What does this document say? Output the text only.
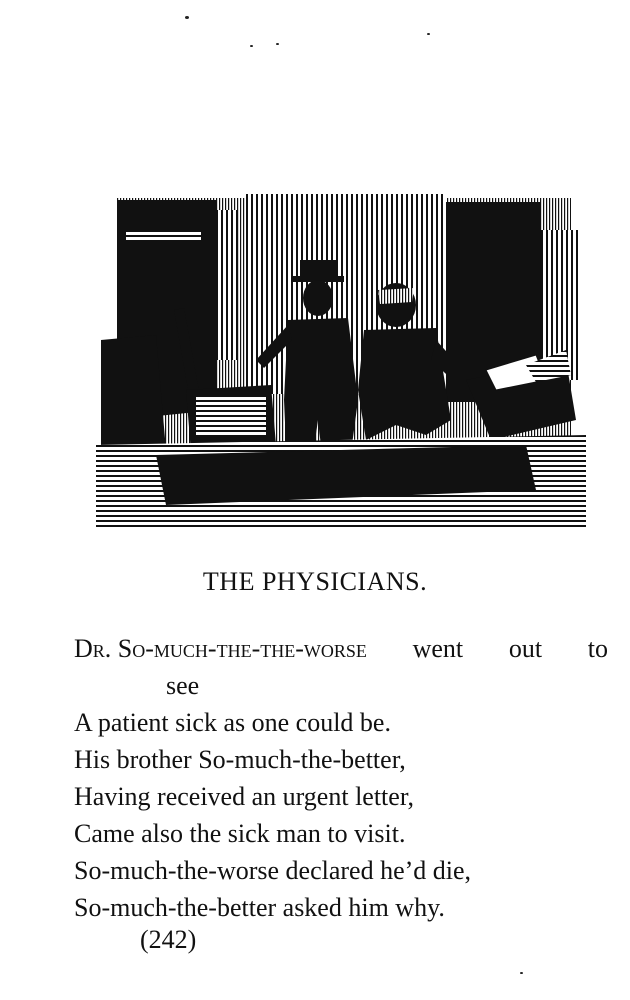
THE PHYSICIANS.
Dr. So-much-the-the-worse went out to
see
A patient sick as one could be.
His brother So-much-the-better,
Having received an urgent letter,
Came also the sick man to visit.
So-much-the-worse declared he’d die,
So-much-the-better asked him why.
(242)
